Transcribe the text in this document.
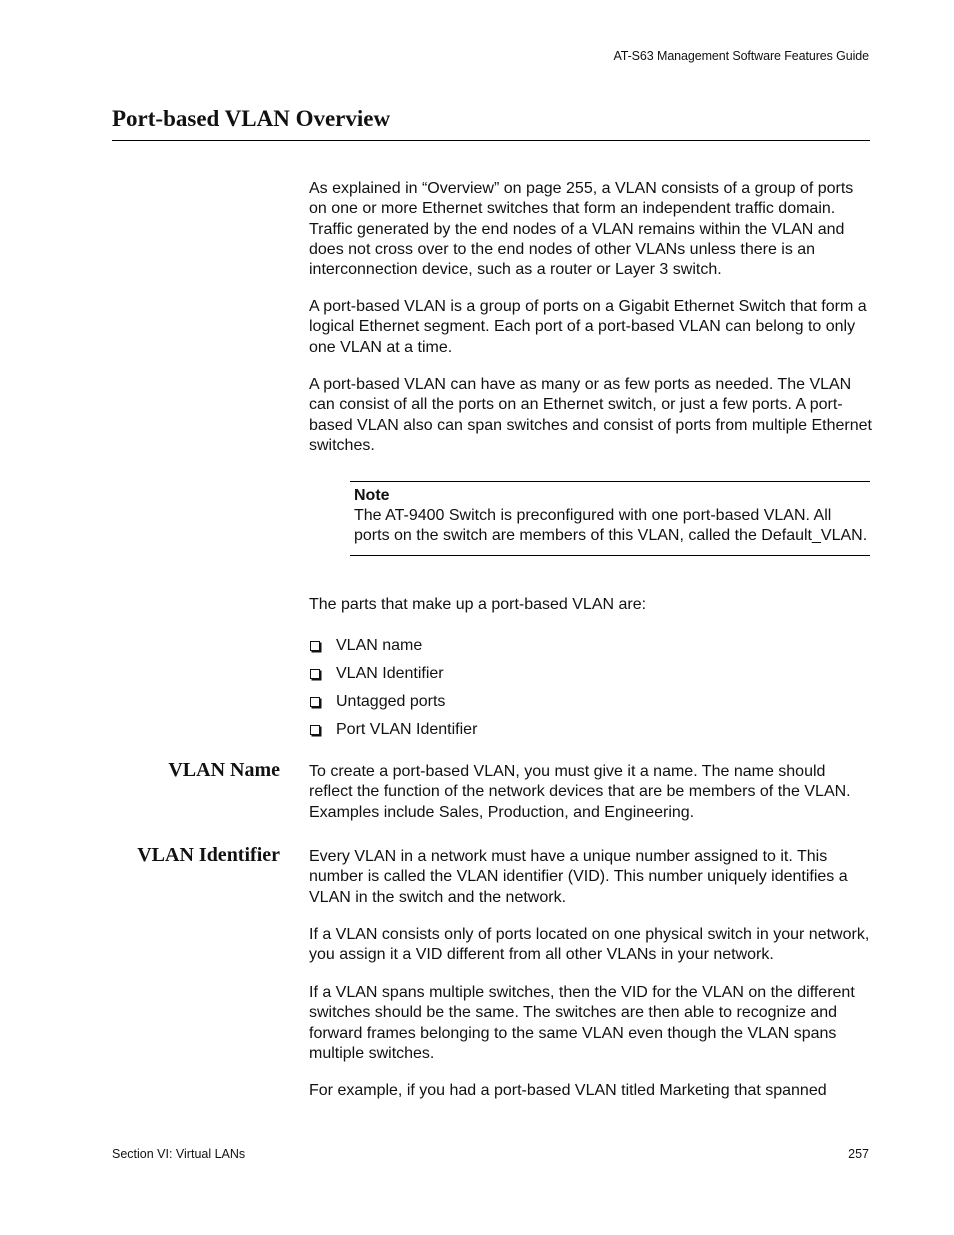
AT-S63 Management Software Features Guide
Port-based VLAN Overview

As explained in “Overview” on page 255, a VLAN consists of a group of ports on one or more Ethernet switches that form an independent traffic domain. Traffic generated by the end nodes of a VLAN remains within the VLAN and does not cross over to the end nodes of other VLANs unless there is an interconnection device, such as a router or Layer 3 switch.

A port-based VLAN is a group of ports on a Gigabit Ethernet Switch that form a logical Ethernet segment. Each port of a port-based VLAN can belong to only one VLAN at a time.

A port-based VLAN can have as many or as few ports as needed. The VLAN can consist of all the ports on an Ethernet switch, or just a few ports. A port-based VLAN also can span switches and consist of ports from multiple Ethernet switches.

Note

The AT-9400 Switch is preconfigured with one port-based VLAN. All ports on the switch are members of this VLAN, called the Default_VLAN.

The parts that make up a port-based VLAN are:

VLAN name
VLAN Identifier
Untagged ports
Port VLAN Identifier
VLAN Name To create a port-based VLAN, you must give it a name. The name should reflect the function of the network devices that are be members of the VLAN. Examples include Sales, Production, and Engineering.

VLAN Identifier Every VLAN in a network must have a unique number assigned to it. This number is called the VLAN identifier (VID). This number uniquely identifies a VLAN in the switch and the network.

If a VLAN consists only of ports located on one physical switch in your network, you assign it a VID different from all other VLANs in your network.

If a VLAN spans multiple switches, then the VID for the VLAN on the different switches should be the same. The switches are then able to recognize and forward frames belonging to the same VLAN even though the VLAN spans multiple switches.

For example, if you had a port-based VLAN titled Marketing that spanned

Section VI: Virtual LANs	257
